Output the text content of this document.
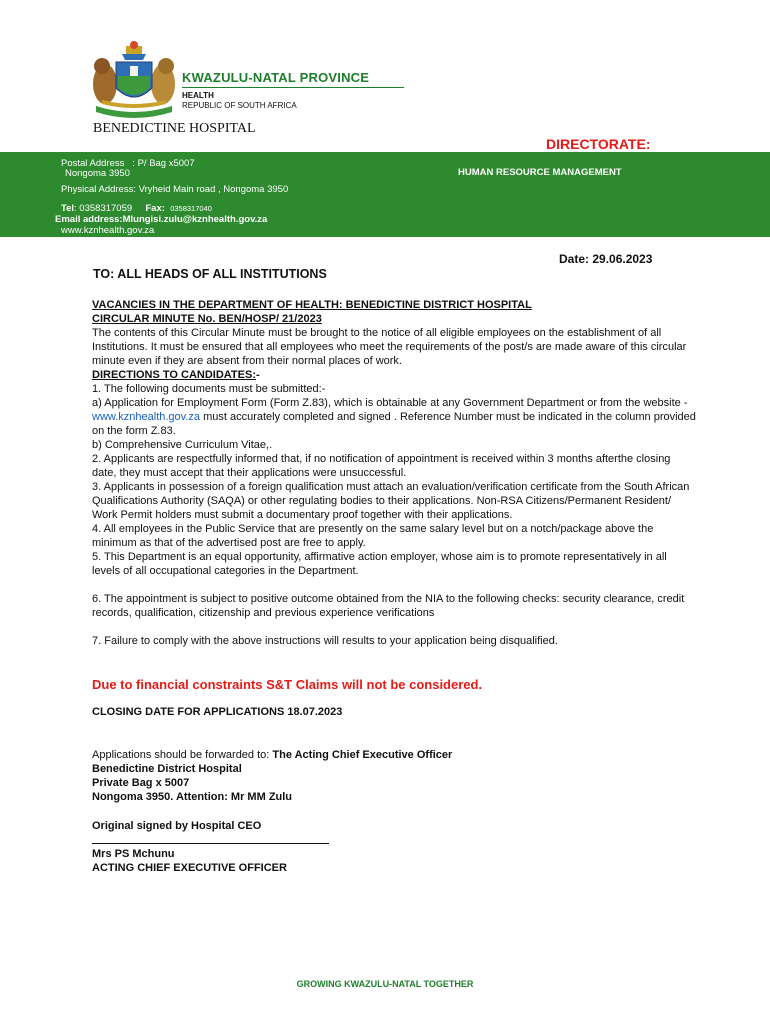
KWAZULU-NATAL PROVINCE
HEALTH
REPUBLIC OF SOUTH AFRICA
BENEDICTINE HOSPITAL
DIRECTORATE:
Postal Address : P/ Bag x5007
Nongoma 3950	HUMAN RESOURCE MANAGEMENT
Physical Address: Vryheid Main road , Nongoma 3950
Tel: 0358317059 Fax: 0358317040
Email address:Mlungisi.zulu@kznhealth.gov.za
www.kznhealth.gov.za
Date: 29.06.2023
TO: ALL HEADS OF ALL INSTITUTIONS

VACANCIES IN THE DEPARTMENT OF HEALTH: BENEDICTINE DISTRICT HOSPITAL

CIRCULAR MINUTE No. BEN/HOSP/ 21/2023

The contents of this Circular Minute must be brought to the notice of all eligible employees on the establishment of all Institutions. It must be ensured that all employees who meet the requirements of the post/s are made aware of this circular minute even if they are absent from their normal places of work.

DIRECTIONS TO CANDIDATES:-

1. The following documents must be submitted:-

a) Application for Employment Form (Form Z.83), which is obtainable at any Government Department or from the website - www.kznhealth.gov.za must accurately completed and signed . Reference Number must be indicated in the column provided on the form Z.83.

b) Comprehensive Curriculum Vitae,.

2. Applicants are respectfully informed that, if no notification of appointment is received within 3 months afterthe closing date, they must accept that their applications were unsuccessful.

3. Applicants in possession of a foreign qualification must attach an evaluation/verification certificate from the South African Qualifications Authority (SAQA) or other regulating bodies to their applications. Non-RSA Citizens/Permanent Resident/ Work Permit holders must submit a documentary proof together with their applications.

4. All employees in the Public Service that are presently on the same salary level but on a notch/package above the minimum as that of the advertised post are free to apply.

5. This Department is an equal opportunity, affirmative action employer, whose aim is to promote representatively in all levels of all occupational categories in the Department.

6. The appointment is subject to positive outcome obtained from the NIA to the following checks: security clearance, credit records, qualification, citizenship and previous experience verifications

7. Failure to comply with the above instructions will results to your application being disqualified.

Due to financial constraints S&T Claims will not be considered.
CLOSING DATE FOR APPLICATIONS 18.07.2023

Applications should be forwarded to: The Acting Chief Executive Officer

Benedictine District Hospital

Private Bag x 5007

Nongoma 3950. Attention: Mr MM Zulu

Original signed by Hospital CEO

Mrs PS Mchunu

ACTING CHIEF EXECUTIVE OFFICER

GROWING KWAZULU-NATAL TOGETHER
